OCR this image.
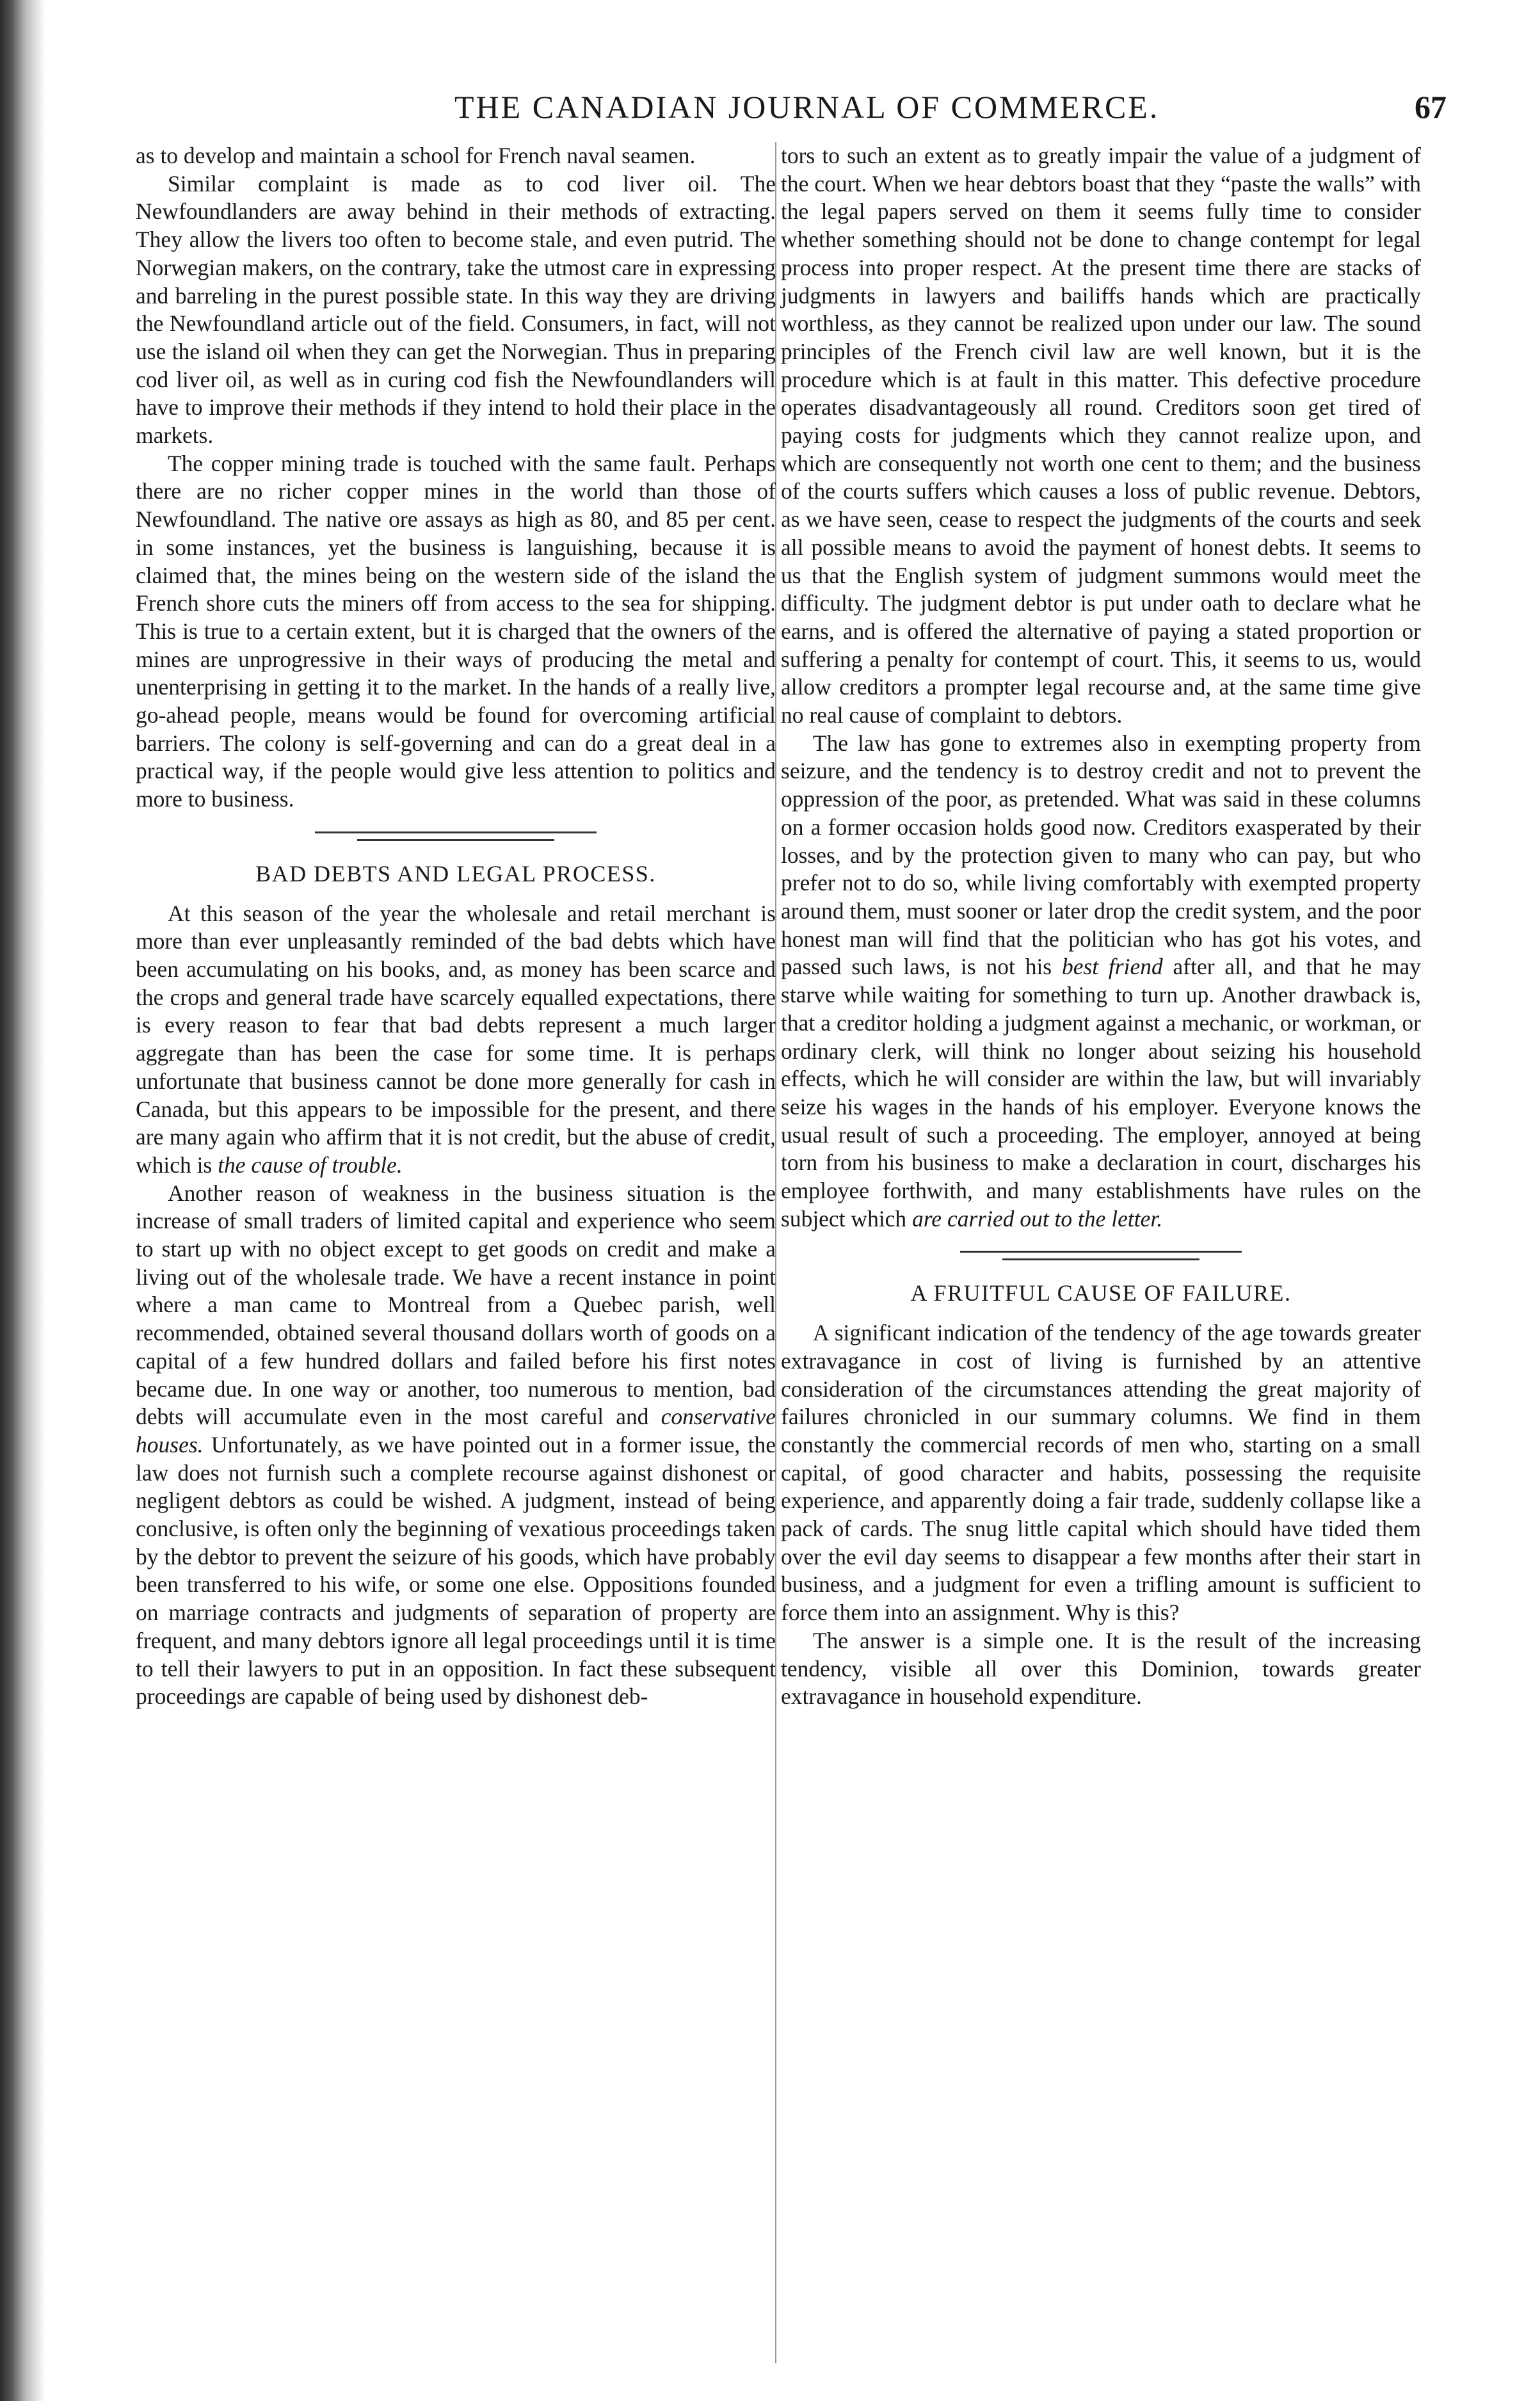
THE CANADIAN JOURNAL OF COMMERCE.	67

as to develop and maintain a school for French naval seamen.

Similar complaint is made as to cod liver oil. The Newfoundlanders are away behind in their methods of extracting. They allow the livers too often to become stale, and even putrid. The Norwegian makers, on the contrary, take the utmost care in expressing and barreling in the purest possible state. In this way they are driving the Newfoundland article out of the field. Consumers, in fact, will not use the island oil when they can get the Norwegian. Thus in preparing cod liver oil, as well as in curing cod fish the Newfoundlanders will have to improve their methods if they intend to hold their place in the markets.

The copper mining trade is touched with the same fault. Perhaps there are no richer copper mines in the world than those of Newfoundland. The native ore assays as high as 80, and 85 per cent. in some instances, yet the business is languishing, because it is claimed that, the mines being on the western side of the island the French shore cuts the miners off from access to the sea for shipping. This is true to a certain extent, but it is charged that the owners of the mines are unprogressive in their ways of producing the metal and unenterprising in getting it to the market. In the hands of a really live, go-ahead people, means would be found for overcoming artificial barriers. The colony is self-governing and can do a great deal in a practical way, if the people would give less attention to politics and more to business.

BAD DEBTS AND LEGAL PROCESS.

At this season of the year the wholesale and retail merchant is more than ever unpleasantly reminded of the bad debts which have been accumulating on his books, and, as money has been scarce and the crops and general trade have scarcely equalled expectations, there is every reason to fear that bad debts represent a much larger aggregate than has been the case for some time. It is perhaps unfortunate that business cannot be done more generally for cash in Canada, but this appears to be impossible for the present, and there are many again who affirm that it is not credit, but the abuse of credit, which is the cause of trouble.

Another reason of weakness in the business situation is the increase of small traders of limited capital and experience who seem to start up with no object except to get goods on credit and make a living out of the wholesale trade. We have a recent instance in point where a man came to Montreal from a Quebec parish, well recommended, obtained several thousand dollars worth of goods on a capital of a few hundred dollars and failed before his first notes became due. In one way or another, too numerous to mention, bad debts will accumulate even in the most careful and conservative houses. Unfortunately, as we have pointed out in a former issue, the law does not furnish such a complete recourse against dishonest or negligent debtors as could be wished. A judgment, instead of being conclusive, is often only the beginning of vexatious proceedings taken by the debtor to prevent the seizure of his goods, which have probably been transferred to his wife, or some one else. Oppositions founded on marriage contracts and judgments of separation of property are frequent, and many debtors ignore all legal proceedings until it is time to tell their lawyers to put in an opposition. In fact these subsequent proceedings are capable of being used by dishonest deb-

tors to such an extent as to greatly impair the value of a judgment of the court. When we hear debtors boast that they “paste the walls” with the legal papers served on them it seems fully time to consider whether something should not be done to change contempt for legal process into proper respect. At the present time there are stacks of judgments in lawyers and bailiffs hands which are practically worthless, as they cannot be realized upon under our law. The sound principles of the French civil law are well known, but it is the procedure which is at fault in this matter. This defective procedure operates disadvantageously all round. Creditors soon get tired of paying costs for judgments which they cannot realize upon, and which are consequently not worth one cent to them; and the business of the courts suffers which causes a loss of public revenue. Debtors, as we have seen, cease to respect the judgments of the courts and seek all possible means to avoid the payment of honest debts. It seems to us that the English system of judgment summons would meet the difficulty. The judgment debtor is put under oath to declare what he earns, and is offered the alternative of paying a stated proportion or suffering a penalty for contempt of court. This, it seems to us, would allow creditors a prompter legal recourse and, at the same time give no real cause of complaint to debtors.

The law has gone to extremes also in exempting property from seizure, and the tendency is to destroy credit and not to prevent the oppression of the poor, as pretended. What was said in these columns on a former occasion holds good now. Creditors exasperated by their losses, and by the protection given to many who can pay, but who prefer not to do so, while living comfortably with exempted property around them, must sooner or later drop the credit system, and the poor honest man will find that the politician who has got his votes, and passed such laws, is not his best friend after all, and that he may starve while waiting for something to turn up. Another drawback is, that a creditor holding a judgment against a mechanic, or workman, or ordinary clerk, will think no longer about seizing his household effects, which he will consider are within the law, but will invariably seize his wages in the hands of his employer. Everyone knows the usual result of such a proceeding. The employer, annoyed at being torn from his business to make a declaration in court, discharges his employee forthwith, and many establishments have rules on the subject which are carried out to the letter.

A FRUITFUL CAUSE OF FAILURE.

A significant indication of the tendency of the age towards greater extravagance in cost of living is furnished by an attentive consideration of the circumstances attending the great majority of failures chronicled in our summary columns. We find in them constantly the commercial records of men who, starting on a small capital, of good character and habits, possessing the requisite experience, and apparently doing a fair trade, suddenly collapse like a pack of cards. The snug little capital which should have tided them over the evil day seems to disappear a few months after their start in business, and a judgment for even a trifling amount is sufficient to force them into an assignment. Why is this?

The answer is a simple one. It is the result of the increasing tendency, visible all over this Dominion, towards greater extravagance in household expenditure.
